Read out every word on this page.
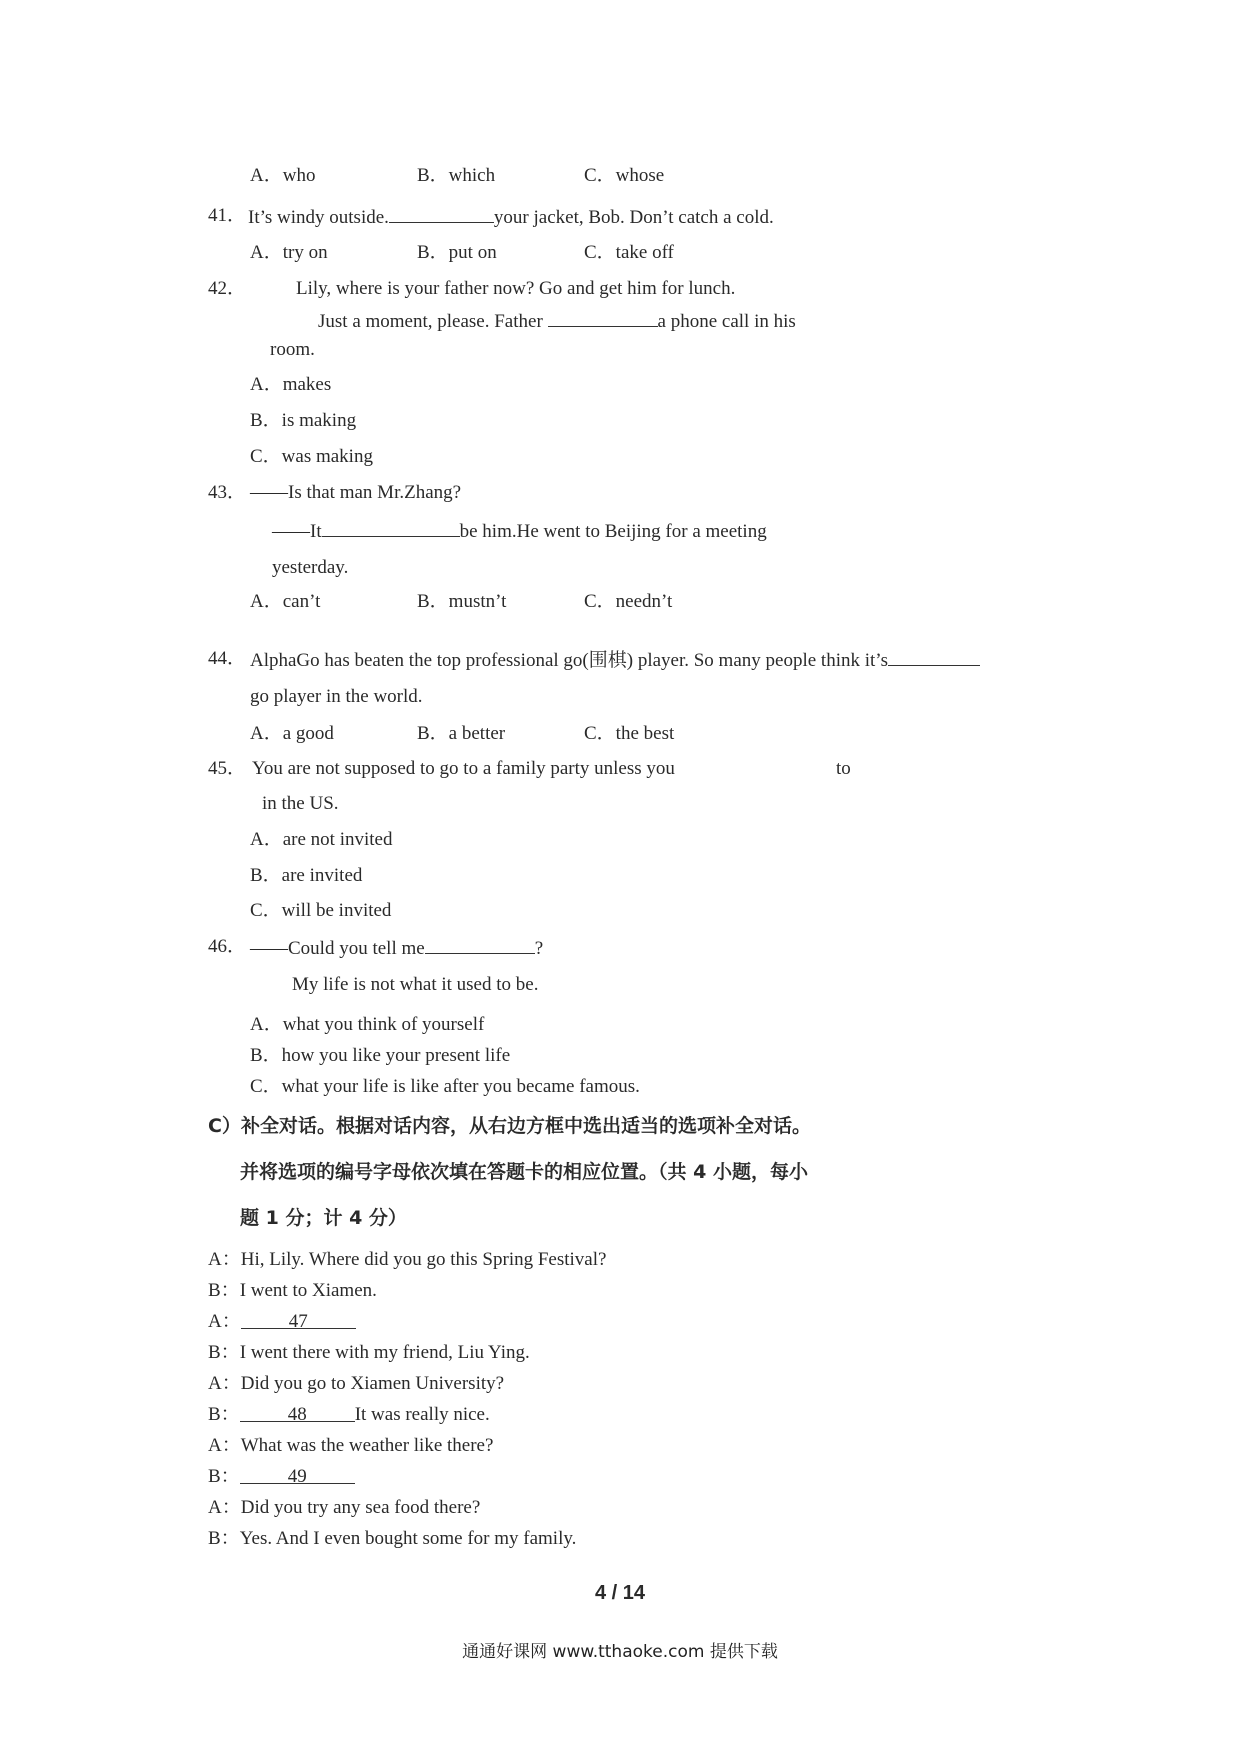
A．who	B．which	C．whose
41． It’s windy outside.	your jacket, Bob. Don’t catch a cold.
A．try on	B．put on	C．take off
42．	Lily, where is your father now? Go and get him for lunch.
Just a moment, please. Father	a phone call in his
room.
A．makes
B．is making
C．was making
43． ——Is that man Mr.Zhang?
——It	be him.He went to Beijing for a meeting
yesterday.
A．can’t	B．mustn’t	C．needn’t
44． AlphaGo has beaten the top professional go(围棋) player. So many people think it’s
go player in the world.
A．a good	B．a better	C．the best
45． You are not supposed to go to a family party unless you	to
in the US.
A．are not invited
B．are invited
C．will be invited
46． ——Could you tell me	?
My life is not what it used to be.
A．what you think of yourself
B．how you like your present life
C．what your life is like after you became famous.
C）补全对话。根据对话内容，从右边方框中选出适当的选项补全对话。
并将选项的编号字母依次填在答题卡的相应位置。（共 4 小题，每小
题 1 分；计 4 分）
A：Hi, Lily. Where did you go this Spring Festival?
B：I went to Xiamen.
A：	47
B：I went there with my friend, Liu Ying.
A：Did you go to Xiamen University?
B：	48	It was really nice.
A：What was the weather like there?
B：	49
A：Did you try any sea food there?
B：Yes. And I even bought some for my family.
4 / 14
通通好课网 www.tthaoke.com 提供下载
